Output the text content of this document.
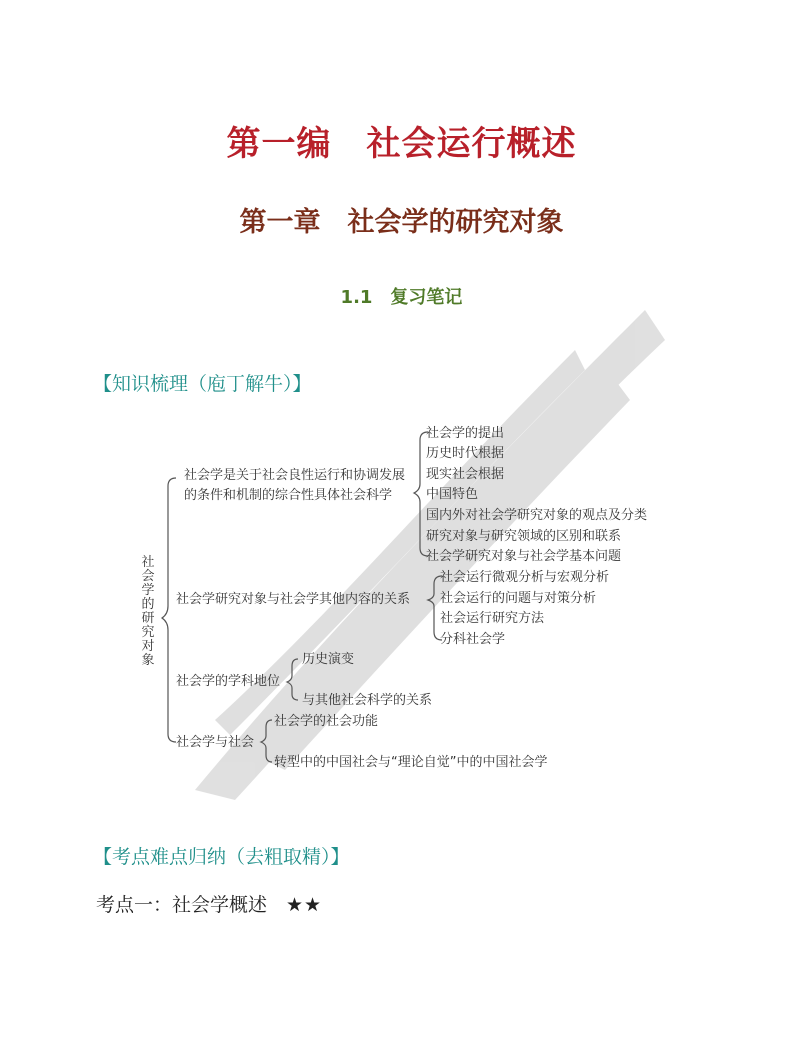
第一编　社会运行概述
第一章　社会学的研究对象
1.1　复习笔记
【知识梳理（庖丁解牛）】
社会学的研究对象
社会学是关于社会良性运行和协调发展
的条件和机制的综合性具体社会科学
社会学的提出
历史时代根据
现实社会根据
中国特色
国内外对社会学研究对象的观点及分类
研究对象与研究领域的区别和联系
社会学研究对象与社会学基本问题
社会学研究对象与社会学其他内容的关系
社会运行微观分析与宏观分析
社会运行的问题与对策分析
社会运行研究方法
分科社会学
社会学的学科地位
历史演变
与其他社会科学的关系
社会学与社会
社会学的社会功能
转型中的中国社会与“理论自觉”中的中国社会学
【考点难点归纳（去粗取精）】
考点一：社会学概述　★★
